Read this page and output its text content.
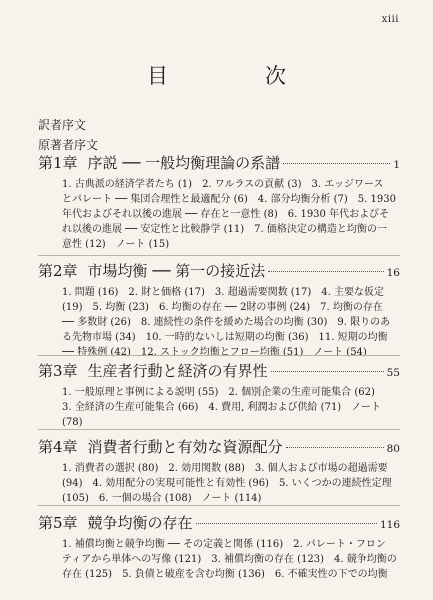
xiii
目　次
訳者序文
原著者序文
第1章 序説 ── 一般均衡理論の系譜	1
1. 古典派の経済学者たち (1)　2. ワルラスの貢献 (3)　3. エッジワース
とパレート ── 集団合理性と最適配分 (6)　4. 部分均衡分析 (7)　5. 1930
年代およびそれ以後の進展 ── 存在と一意性 (8)　6. 1930 年代およびそ
れ以後の進展 ── 安定性と比較静学 (11)　7. 価格決定の構造と均衡の一
意性 (12)　ノート (15)
第2章 市場均衡 ── 第一の接近法	16
1. 問題 (16)　2. 財と価格 (17)　3. 超過需要関数 (17)　4. 主要な仮定
(19)　5. 均衡 (23)　6. 均衡の存在 ── 2財の事例 (24)　7. 均衡の存在
── 多数財 (26)　8. 連続性の条件を緩めた場合の均衡 (30)　9. 限りのあ
る先物市場 (34)　10. 一時的ないしは短期の均衡 (36)　11. 短期の均衡
── 特殊例 (42)　12. ストック均衡とフロー均衡 (51)　ノート (54)
第3章 生産者行動と経済の有界性	55
1. 一般原理と事例による説明 (55)　2. 個別企業の生産可能集合 (62)
3. 全経済の生産可能集合 (66)　4. 費用, 利潤および供給 (71)　ノート
(78)
第4章 消費者行動と有効な資源配分	80
1. 消費者の選択 (80)　2. 効用関数 (88)　3. 個人および市場の超過需要
(94)　4. 効用配分の実現可能性と有効性 (96)　5. いくつかの連続性定理
(105)　6. 一個の場合 (108)　ノート (114)
第5章 競争均衡の存在	116
1. 補償均衡と競争均衡 ── その定義と関係 (116)　2. パレート・フロン
ティアから単体への写像 (121)　3. 補償均衡の存在 (123)　4. 競争均衡の
存在 (125)　5. 負債と破産を含む均衡 (136)　6. 不確実性の下での均衡
